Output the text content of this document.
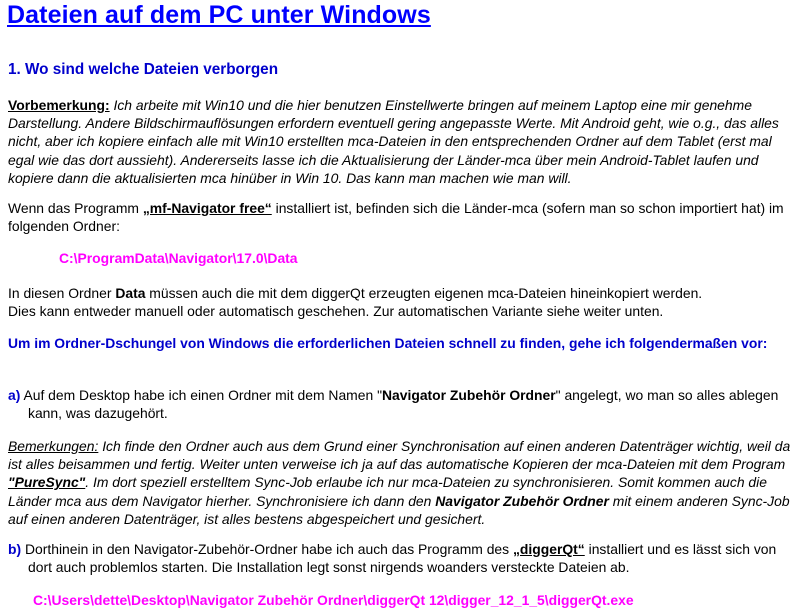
Dateien auf dem PC unter Windows
1. Wo sind welche Dateien verborgen

Vorbemerkung: Ich arbeite mit Win10 und die hier benutzen Einstellwerte bringen auf meinem Laptop eine mir genehme Darstellung. Andere Bildschirmauflösungen erfordern eventuell gering angepasste Werte. Mit Android geht, wie o.g., das alles nicht, aber ich kopiere einfach alle mit Win10 erstellten mca-Dateien in den entsprechenden Ordner auf dem Tablet (erst mal egal wie das dort aussieht). Andererseits lasse ich die Aktualisierung der Länder-mca über mein Android-Tablet laufen und kopiere dann die aktualisierten mca hinüber in Win 10. Das kann man machen wie man will.

Wenn das Programm „mf-Navigator free“ installiert ist, befinden sich die Länder-mca (sofern man so schon importiert hat) im folgenden Ordner:

C:\ProgramData\Navigator\17.0\Data

In diesen Ordner Data müssen auch die mit dem diggerQt erzeugten eigenen mca-Dateien hineinkopiert werden.
Dies kann entweder manuell oder automatisch geschehen. Zur automatischen Variante siehe weiter unten.

Um im Ordner-Dschungel von Windows die erforderlichen Dateien schnell zu finden, gehe ich folgendermaßen vor:

a) Auf dem Desktop habe ich einen Ordner mit dem Namen "Navigator Zubehör Ordner" angelegt, wo man so alles ablegen kann, was dazugehört.

Bemerkungen: Ich finde den Ordner auch aus dem Grund einer Synchronisation auf einen anderen Datenträger wichtig, weil da ist alles beisammen und fertig. Weiter unten verweise ich ja auf das automatische Kopieren der mca-Dateien mit dem Program "PureSync". Im dort speziell erstelltem Sync-Job erlaube ich nur mca-Dateien zu synchronisieren. Somit kommen auch die Länder mca aus dem Navigator hierher. Synchronisiere ich dann den Navigator Zubehör Ordner mit einem anderen Sync-Job auf einen anderen Datenträger, ist alles bestens abgespeichert und gesichert.

b) Dorthinein in den Navigator-Zubehör-Ordner habe ich auch das Programm des „diggerQt“ installiert und es lässt sich von dort auch problemlos starten. Die Installation legt sonst nirgends woanders versteckte Dateien ab.

C:\Users\dette\Desktop\Navigator Zubehör Ordner\diggerQt 12\digger_12_1_5\diggerQt.exe
